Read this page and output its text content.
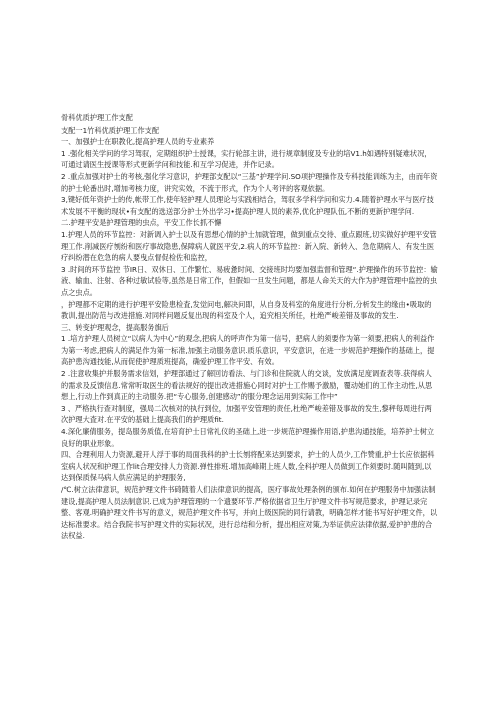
骨科优质护理工作支配

支配一1竹科优质护理工作支配

一、加强护士在职教化,提高护理人员的专业素养

1 .强化相关学问的学习驾驭，定期组织护士授课，实行轮部主讲，进行规章制度及专业的培V1.h如遇特别疑难状况，可通过请医生授课等形式更新学问和技能.和互学习促进，并作记录。

2 .重点加强对护士的考核,强化学习意识，护理部支配以“三基”护理学问.SO项护理操作及专科技能训练为主，由而年资的护士轮番出时,增加考核力度，讲究实效，不流于形式，作为个人考评的客观依据。

3,键好低年资护士的传,帐带工作,使年轻护理人员理论与实践相结合，驾驭多学科学问和实力.4.随着护理水平与医疗技术发展不平衡的现状•有支配的选送部分护士外出学习•提高护理人员的素养,优化护理队伍,不断的更新护理学问.

二.护理平安是护理管理的虫点，平安工作长抓不懈

1.护理人员的环节监控：对新调入护士以及有思想心情的护士加就管理，做到重点交待、重点跟班,切实做好护理平安管理工作.削减医疗刎纷和医疗事故隐患,保障病人就医平安,2.病人的环节监控：新入院、新转入、急危期病人、有发生医疗纠纷潜在危急的病人要曳点督促检佐和监控，

3 .时间的环节监控 节IR日、双休日、工作繁忙、易疲惫时间、交接班时均要加强监督和管理“.护理操作的环节监控：输液、输血、注射、各种过敏试验等,虽然是日常工作，但假如一旦发生问题，都是人命关天的大作为护理管理中监控的虫点之虫点。

，护理都不定期的进行护理平安险患检査,发觉问电,解决问即，从自身及科室的角度进行分析,分析发生的缘由•吸取的教训,提出防范与改进措施.对同样问题反复出现的科室及个人，追究相关所任，杜绝严峻差错及事故的发生.

三、转变护理观念，提高服务旗后

1 .培方护理人员树立“以病人为中心”的观念,把病人的呼声作为第一信号，把病人的须要作为第一须要,把病人的利益作为第一考虑,把病人的满足作为第一标准,加强主动服务意识.质乐意识，平安意识，在进一步规范护理操作的基础上，提高护患沟通技能,从而促使护理质班提高，确爱护理工作平安、有效。

2 .注意收集护并服务需求信划，护理部通过了解回访看法、与门诊和住院就人的交谈，发放满足度调查表等.获得病人的需求及反馈信息.常常听取医生的看法规好的提出改进措施心同时对护士工作赐予激励，覆动她们的工作主动性,从思想上,行动上作到真正的主动服务.把“专心服务,创建感动”的服分理念运用到实际工作中”

3 、严格执行查对制度，强局二次核对的执行到位，加强平安管理的责任,杜绝严峻差错及事故的发生,黎秤每周进行两次护理大査对.在平安的基础上提高我们的护理质fit.

4.深化廉倩服务，提岛服务质值,在培育护士日常礼仪的圣础上,进一步规范护理操作用语,护患沟通技能，培养护士树立良好的职业形象。

四、合理利用人力资源,避开人浮于事的局面我科的护士长刎将配来达到要求，护士的人员少,工作赞重,护士长应依据科室病人状况和护理工作lit合理安排人力资源.弹性排班.增加高峰期上班人数,全科护理人员做到工作须要时.随叫随到,以达到保质保马病人供应满足的护理服务,

/℃.树立法律意识，规范护理文件书碕随着人们法律意识的提高，医疗事故处理条例的颁布.如何在护理服务中加强法制建设,提高护理人员法制意识.已成为护理管理的一个遗要环节.严格依据省卫生厅护理文件书写规范要求，护理记录完整、客观.明确护理文件书写的意义，规范护理文件书写，并向上级医院的同行请教，明确怎样才能书写好护理文件，以达标准要求。结合我院书写护理文件的实际状况，进行总结和分析，提出相应对策,为举证供应法律依据,爱护护患的合法权益.
